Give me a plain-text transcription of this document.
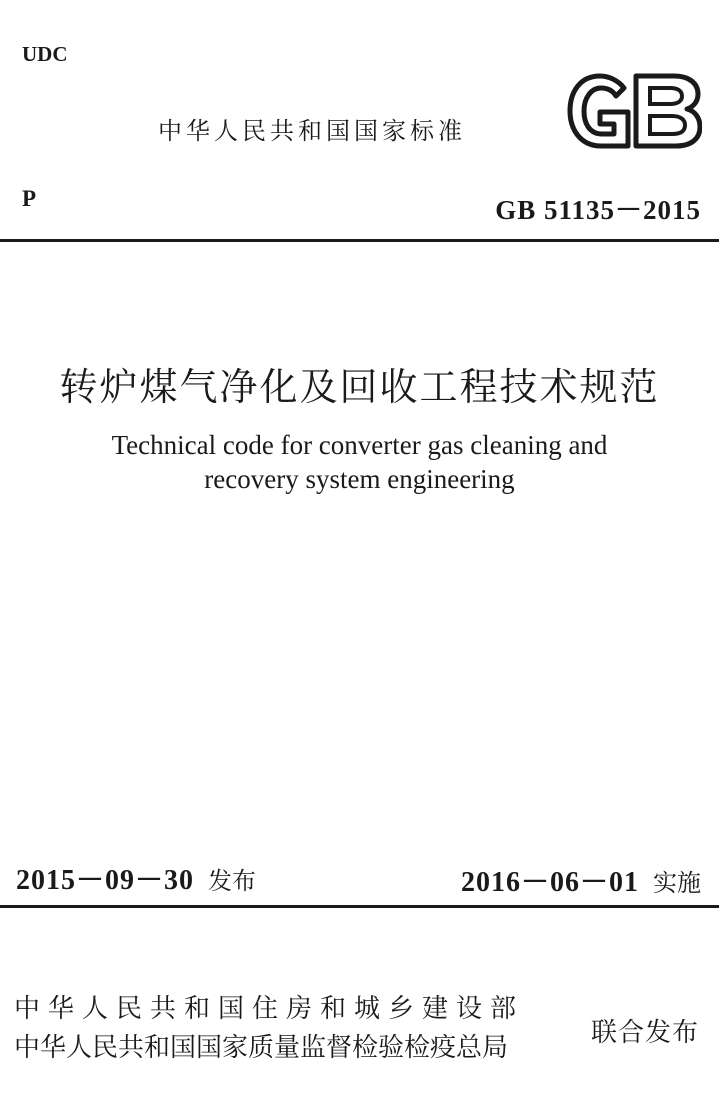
UDC
中华人民共和国国家标准
P	GB 51135－2015
转炉煤气净化及回收工程技术规范
Technical code for converter gas cleaning and
recovery system engineering
2015－09－30 发布	2016－06－01 实施
中华人民共和国住房和城乡建设部
中华人民共和国国家质量监督检验检疫总局	联合发布
